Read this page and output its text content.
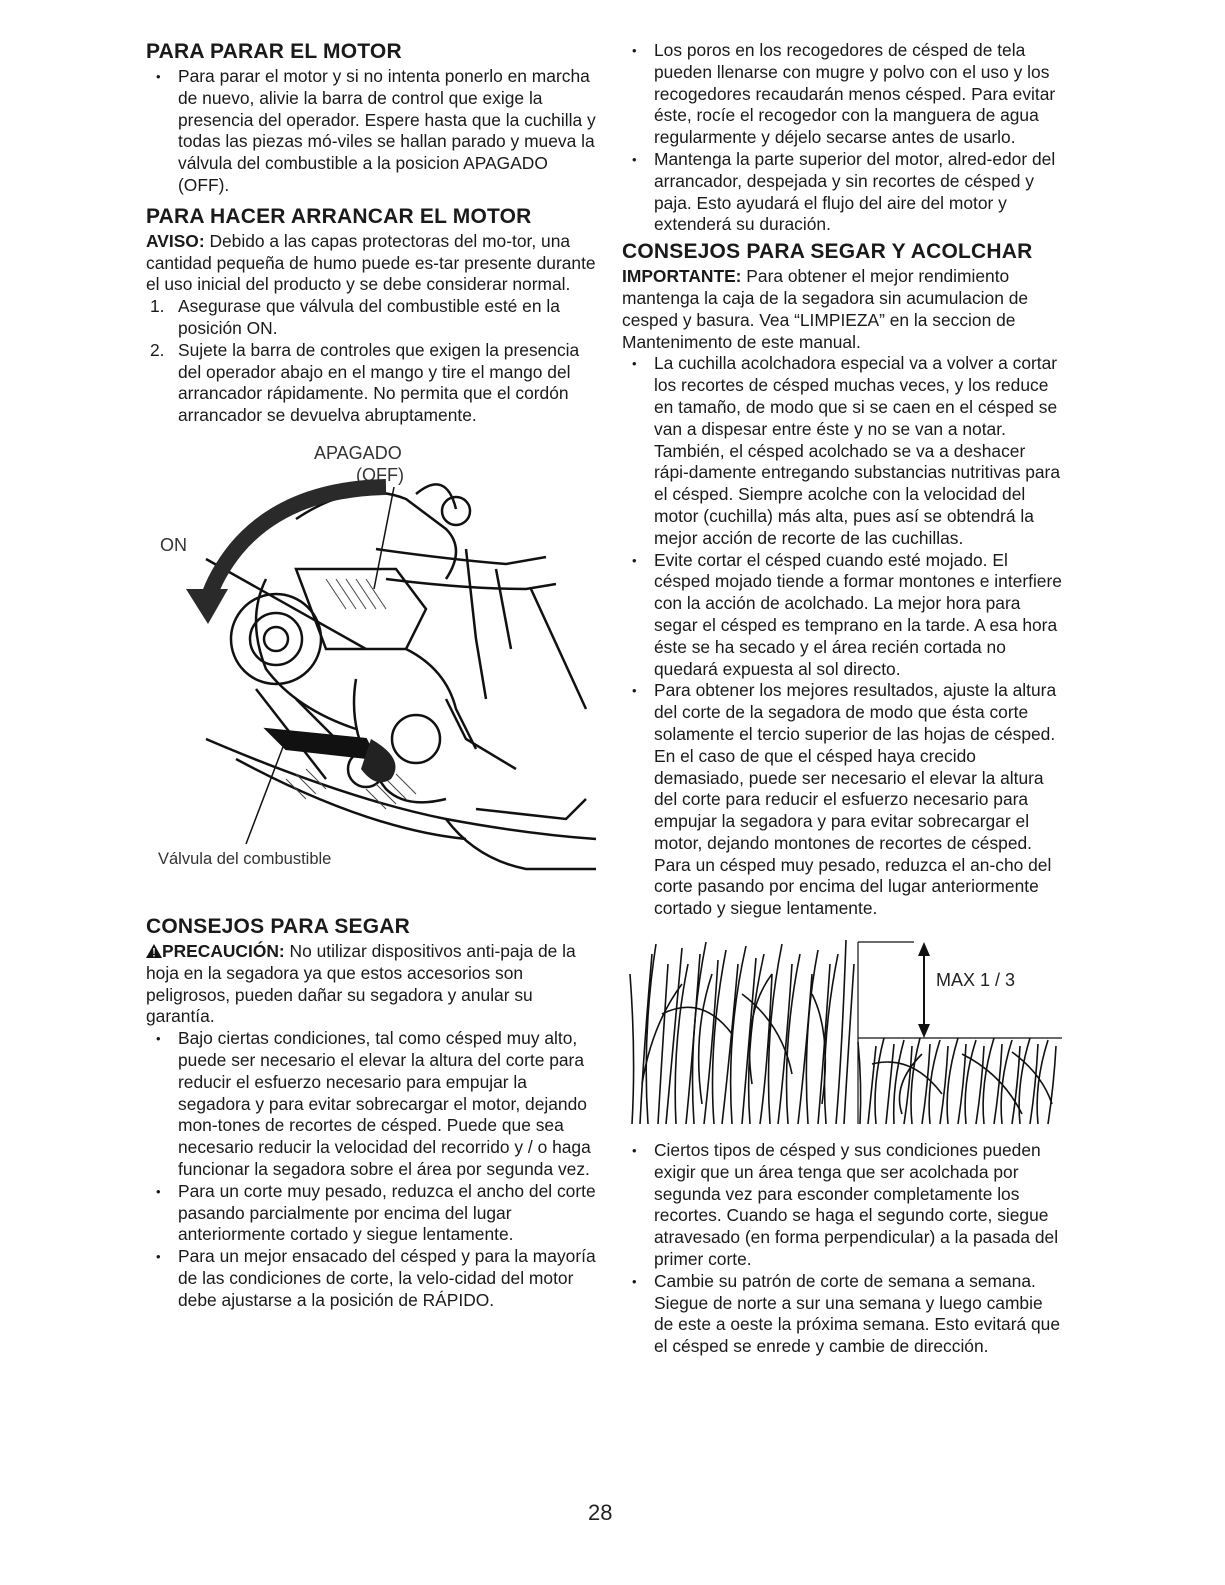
PARA PARAR EL MOTOR
• Para parar el motor y si no intenta ponerlo en marcha de nuevo, alivie la barra de control que exige la presencia del operador. Espere hasta que la cuchilla y todas las piezas mó-viles se hallan parado y mueva la válvula del combustible a la posicion APAGADO (OFF).
PARA HACER ARRANCAR EL MOTOR

AVISO: Debido a las capas protectoras del mo-tor, una cantidad pequeña de humo puede es-tar presente durante el uso inicial del producto y se debe considerar normal.

1. Asegurase que válvula del combustible esté en la posición ON.
2. Sujete la barra de controles que exigen la presencia del operador abajo en el mango y tire el mango del arrancador rápidamente. No permita que el cordón arrancador se devuelva abruptamente.
APAGADO
(OFF)
ON
Válvula del combustible
CONSEJOS PARA SEGAR

PRECAUCIÓN: No utilizar dispositivos anti-paja de la hoja en la segadora ya que estos accesorios son peligrosos, pueden dañar su segadora y anular su garantía.

• Bajo ciertas condiciones, tal como césped muy alto, puede ser necesario el elevar la altura del corte para reducir el esfuerzo necesario para empujar la segadora y para evitar sobrecargar el motor, dejando mon-tones de recortes de césped. Puede que sea necesario reducir la velocidad del recorrido y / o haga funcionar la segadora sobre el área por segunda vez.
• Para un corte muy pesado, reduzca el ancho del corte pasando parcialmente por encima del lugar anteriormente cortado y siegue lentamente.
• Para un mejor ensacado del césped y para la mayoría de las condiciones de corte, la velo-cidad del motor debe ajustarse a la posición de RÁPIDO.
• Los poros en los recogedores de césped de tela pueden llenarse con mugre y polvo con el uso y los recogedores recaudarán menos césped. Para evitar éste, rocíe el recogedor con la manguera de agua regularmente y déjelo secarse antes de usarlo.
• Mantenga la parte superior del motor, alred-edor del arrancador, despejada y sin recortes de césped y paja. Esto ayudará el flujo del aire del motor y extenderá su duración.
CONSEJOS PARA SEGAR Y ACOLCHAR

IMPORTANTE: Para obtener el mejor rendimiento mantenga la caja de la segadora sin acumulacion de cesped y basura. Vea “LIMPIEZA” en la seccion de Mantenimento de este manual.

• La cuchilla acolchadora especial va a volver a cortar los recortes de césped muchas veces, y los reduce en tamaño, de modo que si se caen en el césped se van a dispesar entre éste y no se van a notar. También, el césped acolchado se va a deshacer rápi-damente entregando substancias nutritivas para el césped. Siempre acolche con la velocidad del motor (cuchilla) más alta, pues así se obtendrá la mejor acción de recorte de las cuchillas.
• Evite cortar el césped cuando esté mojado. El césped mojado tiende a formar montones e interfiere con la acción de acolchado. La mejor hora para segar el césped es temprano en la tarde. A esa hora éste se ha secado y el área recién cortada no quedará expuesta al sol directo.
• Para obtener los mejores resultados, ajuste la altura del corte de la segadora de modo que ésta corte solamente el tercio superior de las hojas de césped. En el caso de que el césped haya crecido demasiado, puede ser necesario el elevar la altura del corte para reducir el esfuerzo necesario para empujar la segadora y para evitar sobrecargar el motor, dejando montones de recortes de césped. Para un césped muy pesado, reduzca el an-cho del corte pasando por encima del lugar anteriormente cortado y siegue lentamente.
MAX 1 / 3
• Ciertos tipos de césped y sus condiciones pueden exigir que un área tenga que ser acolchada por segunda vez para esconder completamente los recortes. Cuando se haga el segundo corte, siegue atravesado (en forma perpendicular) a la pasada del primer corte.
• Cambie su patrón de corte de semana a semana. Siegue de norte a sur una semana y luego cambie de este a oeste la próxima semana. Esto evitará que el césped se enrede y cambie de dirección.
28
